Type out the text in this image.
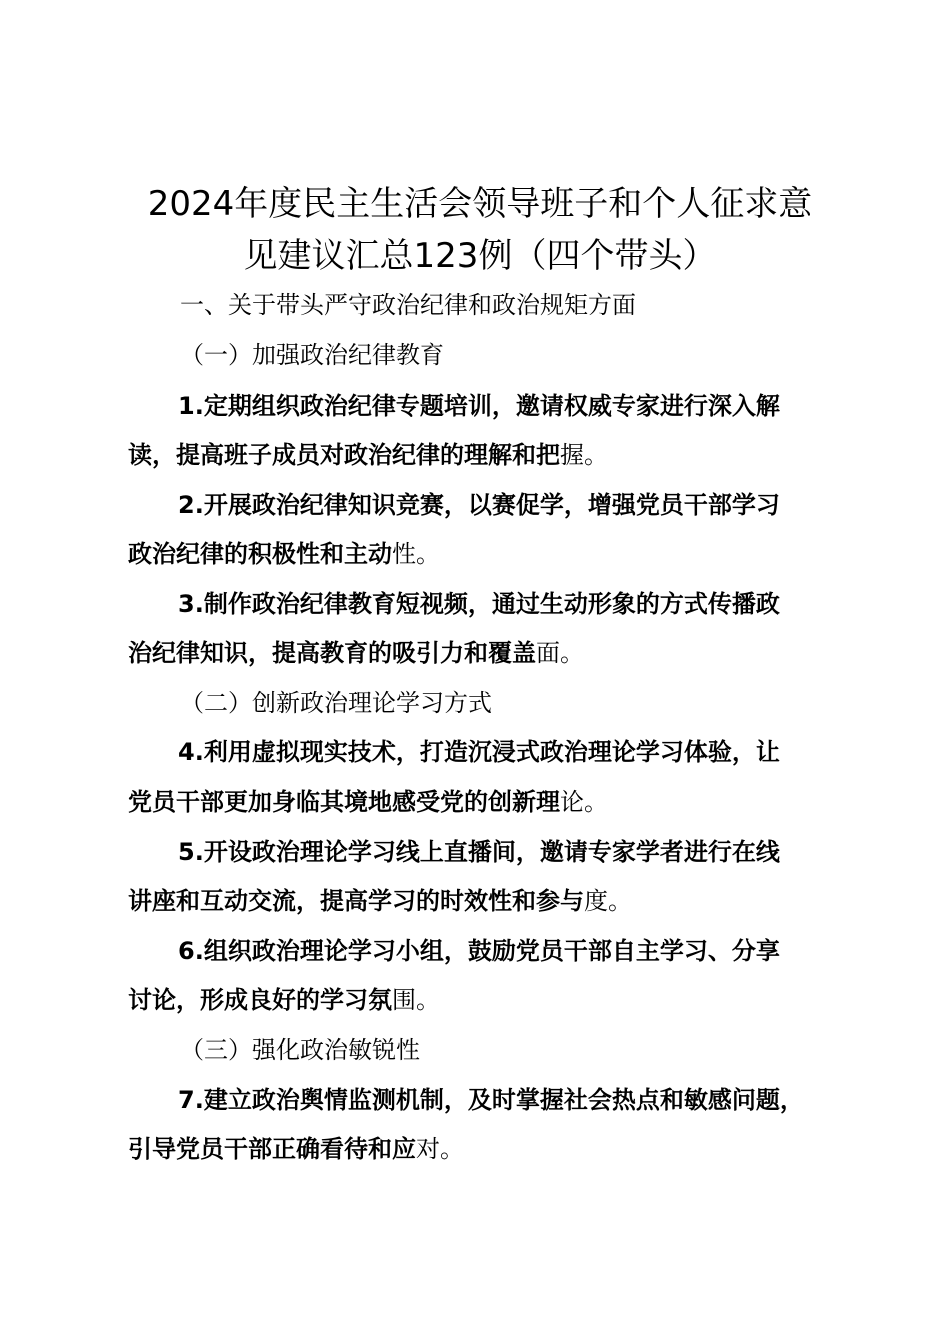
2024年度民主生活会领导班子和个人征求意
见建议汇总123例（四个带头）
一、关于带头严守政治纪律和政治规矩方面
（一）加强政治纪律教育
1.定期组织政治纪律专题培训，邀请权威专家进行深入解
读，提高班子成员对政治纪律的理解和把握。
2.开展政治纪律知识竞赛，以赛促学，增强党员干部学习
政治纪律的积极性和主动性。
3.制作政治纪律教育短视频，通过生动形象的方式传播政
治纪律知识，提高教育的吸引力和覆盖面。
（二）创新政治理论学习方式
4.利用虚拟现实技术，打造沉浸式政治理论学习体验，让
党员干部更加身临其境地感受党的创新理论。
5.开设政治理论学习线上直播间，邀请专家学者进行在线
讲座和互动交流，提高学习的时效性和参与度。
6.组织政治理论学习小组，鼓励党员干部自主学习、分享
讨论，形成良好的学习氛围。
（三）强化政治敏锐性
7.建立政治舆情监测机制，及时掌握社会热点和敏感问题，
引导党员干部正确看待和应对。
